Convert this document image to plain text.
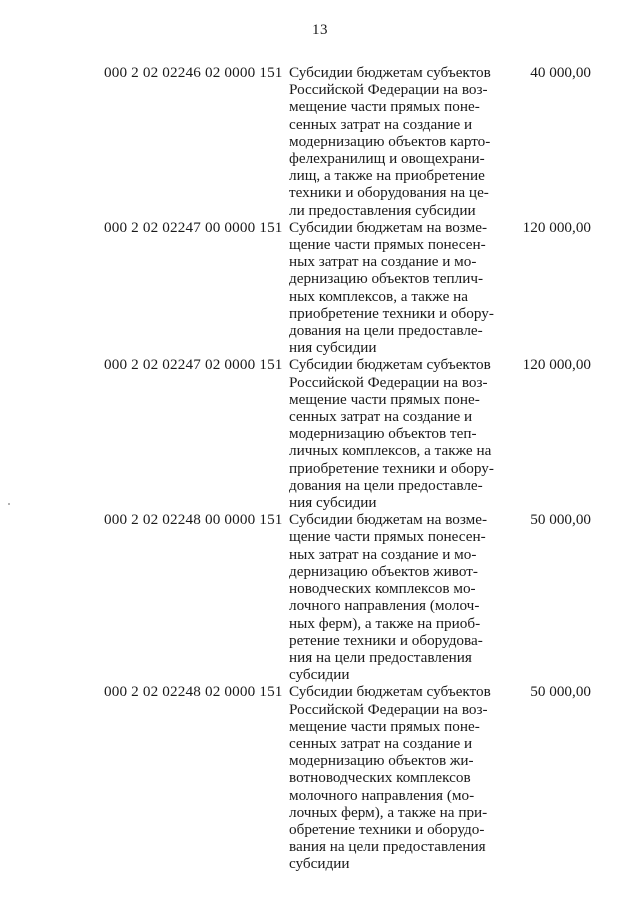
13
000 2 02 02246 02 0000 151 Субсидии бюджетам субъектов
Российской Федерации на воз-
мещение части прямых поне-
сенных затрат на создание и
модернизацию объектов карто-
фелехранилищ и овощехрани-
лищ, а также на приобретение
техники и оборудования на це-
ли предоставления субсидии
40 000,00
000 2 02 02247 00 0000 151 Субсидии бюджетам на возме-
щение части прямых понесен-
ных затрат на создание и мо-
дернизацию объектов теплич-
ных комплексов, а также на
приобретение техники и обору-
дования на цели предоставле-
ния субсидии
120 000,00
000 2 02 02247 02 0000 151 Субсидии бюджетам субъектов
Российской Федерации на воз-
мещение части прямых поне-
сенных затрат на создание и
модернизацию объектов теп-
личных комплексов, а также на
приобретение техники и обору-
дования на цели предоставле-
ния субсидии
120 000,00
000 2 02 02248 00 0000 151 Субсидии бюджетам на возме-
щение части прямых понесен-
ных затрат на создание и мо-
дернизацию объектов живот-
новодческих комплексов мо-
лочного направления (молоч-
ных ферм), а также на приоб-
ретение техники и оборудова-
ния на цели предоставления
субсидии
50 000,00
000 2 02 02248 02 0000 151 Субсидии бюджетам субъектов
Российской Федерации на воз-
мещение части прямых поне-
сенных затрат на создание и
модернизацию объектов жи-
вотноводческих комплексов
молочного направления (мо-
лочных ферм), а также на при-
обретение техники и оборудо-
вания на цели предоставления
субсидии
50 000,00
